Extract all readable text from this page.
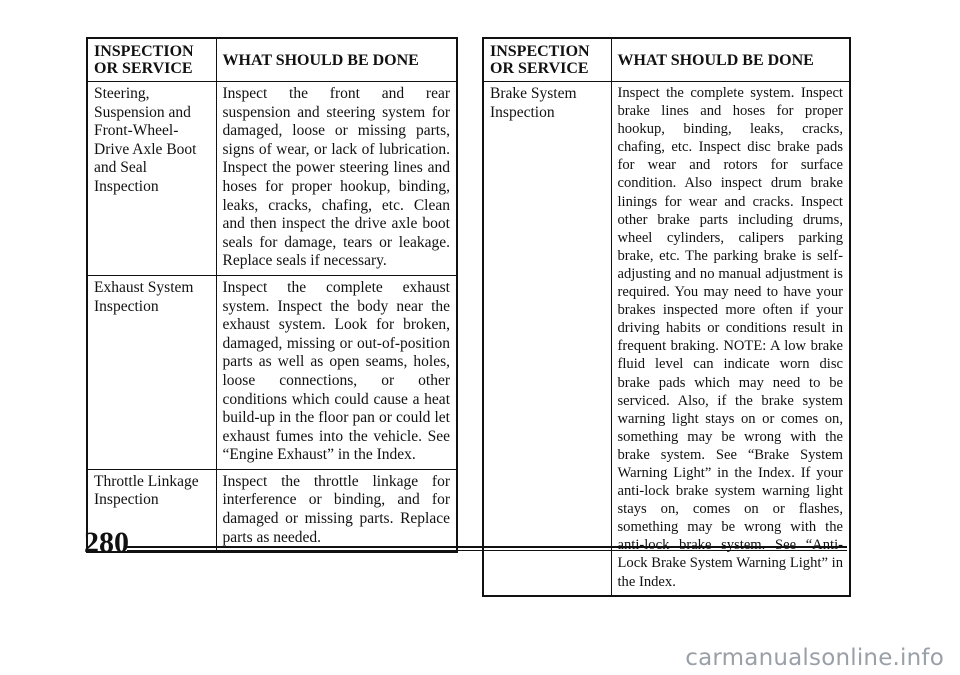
INSPECTION OR SERVICE	WHAT SHOULD BE DONE
Steering, Suspension and Front-Wheel-Drive Axle Boot and Seal Inspection	Inspect the front and rear suspension and steering system for damaged, loose or missing parts, signs of wear, or lack of lubrication. Inspect the power steering lines and hoses for proper hookup, binding, leaks, cracks, chafing, etc. Clean and then inspect the drive axle boot seals for damage, tears or leakage. Replace seals if necessary.
Exhaust System Inspection	Inspect the complete exhaust system. Inspect the body near the exhaust system. Look for broken, damaged, missing or out-of-position parts as well as open seams, holes, loose connections, or other conditions which could cause a heat build-up in the floor pan or could let exhaust fumes into the vehicle. See “Engine Exhaust” in the Index.
Throttle Linkage Inspection	Inspect the throttle linkage for interference or binding, and for damaged or missing parts. Replace parts as needed.
INSPECTION OR SERVICE	WHAT SHOULD BE DONE
Brake System Inspection	Inspect the complete system. Inspect brake lines and hoses for proper hookup, binding, leaks, cracks, chafing, etc. Inspect disc brake pads for wear and rotors for surface condition. Also inspect drum brake linings for wear and cracks. Inspect other brake parts including drums, wheel cylinders, calipers parking brake, etc. The parking brake is self-adjusting and no manual adjustment is required. You may need to have your brakes inspected more often if your driving habits or conditions result in frequent braking. NOTE: A low brake fluid level can indicate worn disc brake pads which may need to be serviced. Also, if the brake system warning light stays on or comes on, something may be wrong with the brake system. See “Brake System Warning Light” in the Index. If your anti-lock brake system warning light stays on, comes on or flashes, something may be wrong with the anti-lock brake system. See “Anti-Lock Brake System Warning Light” in the Index.
280
carmanualsonline.info
